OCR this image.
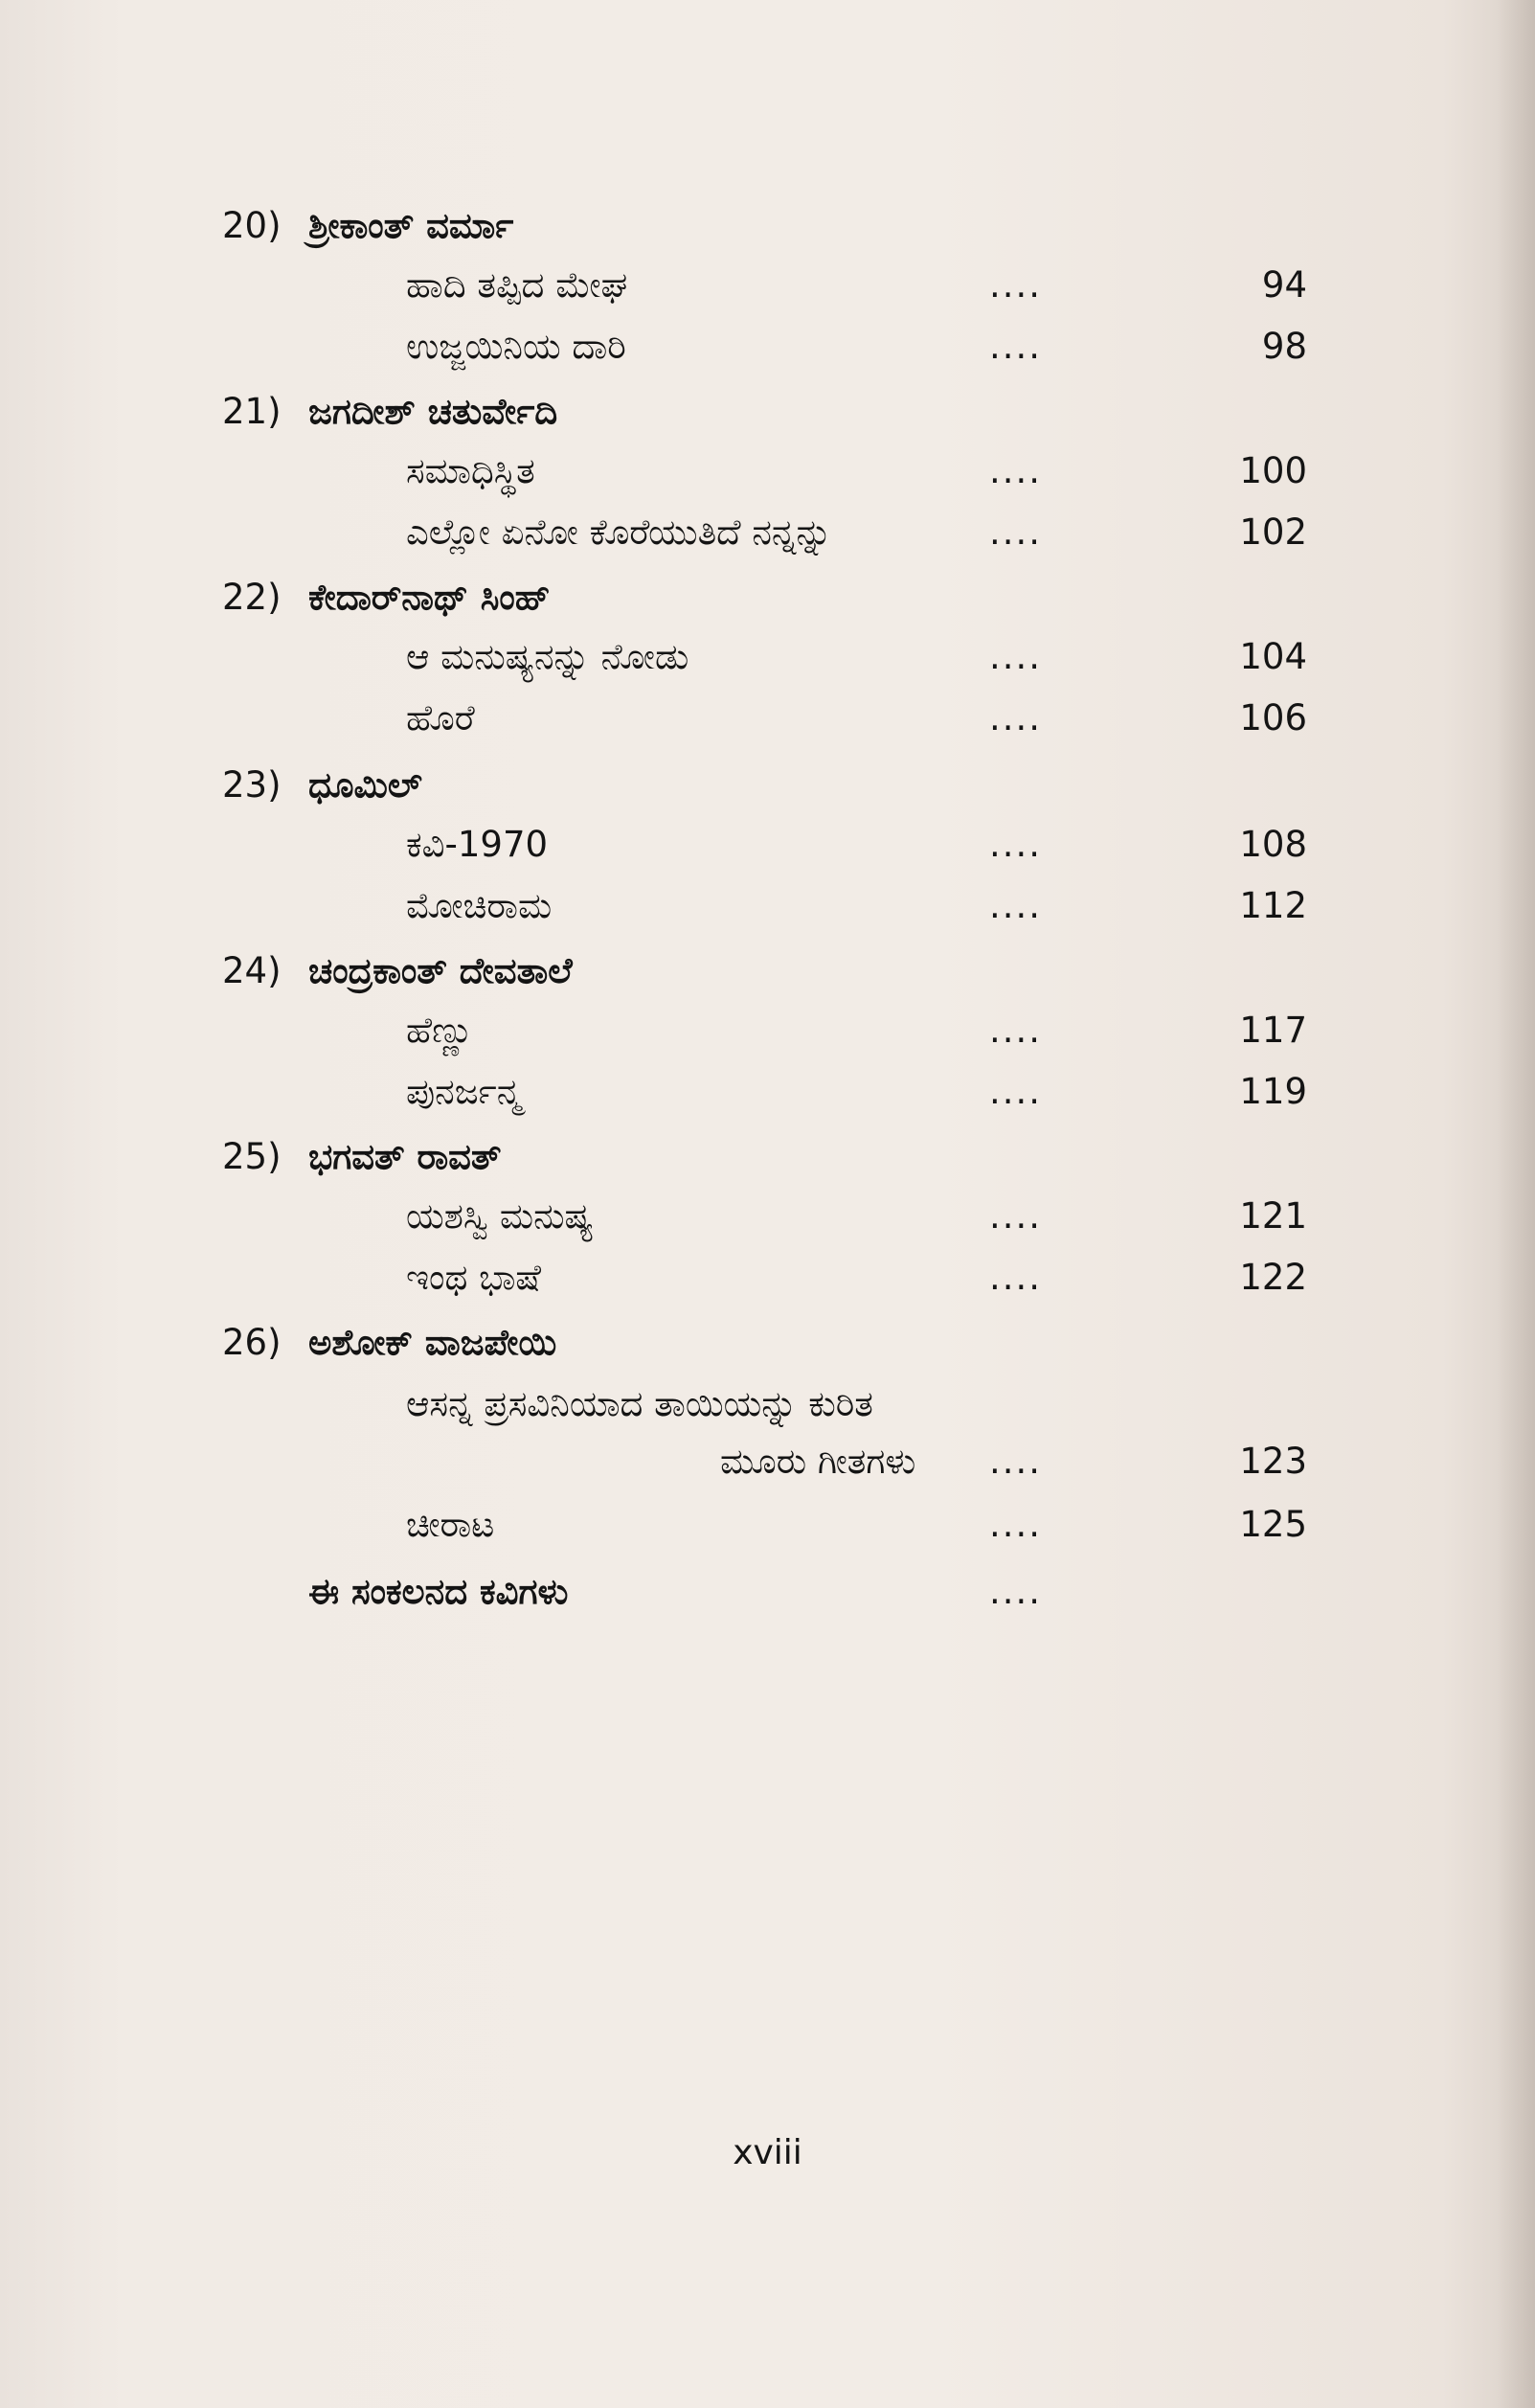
20) ಶ್ರೀಕಾಂತ್ ವರ್ಮಾ
ಹಾದಿ ತಪ್ಪಿದ ಮೇಘ	....	94
ಉಜ್ಜಯಿನಿಯ ದಾರಿ	....	98
21) ಜಗದೀಶ್ ಚತುರ್ವೇದಿ
ಸಮಾಧಿಸ್ಥಿತ	....	100
ಎಲ್ಲೋ ಏನೋ ಕೊರೆಯುತಿದೆ ನನ್ನನ್ನು	....	102
22) ಕೇದಾರ್‌ನಾಥ್ ಸಿಂಹ್
ಆ ಮನುಷ್ಯನನ್ನು ನೋಡು	....	104
ಹೊರೆ	....	106
23) ಧೂಮಿಲ್
ಕವಿ-1970	....	108
ಮೋಚಿರಾಮ	....	112
24) ಚಂದ್ರಕಾಂತ್ ದೇವತಾಲೆ
ಹೆಣ್ಣು	....	117
ಪುನರ್ಜನ್ಮ	....	119
25) ಭಗವತ್ ರಾವತ್
ಯಶಸ್ವಿ ಮನುಷ್ಯ	....	121
ಇಂಥ ಭಾಷೆ	....	122
26) ಅಶೋಕ್ ವಾಜಪೇಯಿ
ಆಸನ್ನ ಪ್ರಸವಿನಿಯಾದ ತಾಯಿಯನ್ನು ಕುರಿತ
ಮೂರು ಗೀತಗಳು ....	123
ಚೀರಾಟ	....	125
ಈ ಸಂಕಲನದ ಕವಿಗಳು	....
xviii
